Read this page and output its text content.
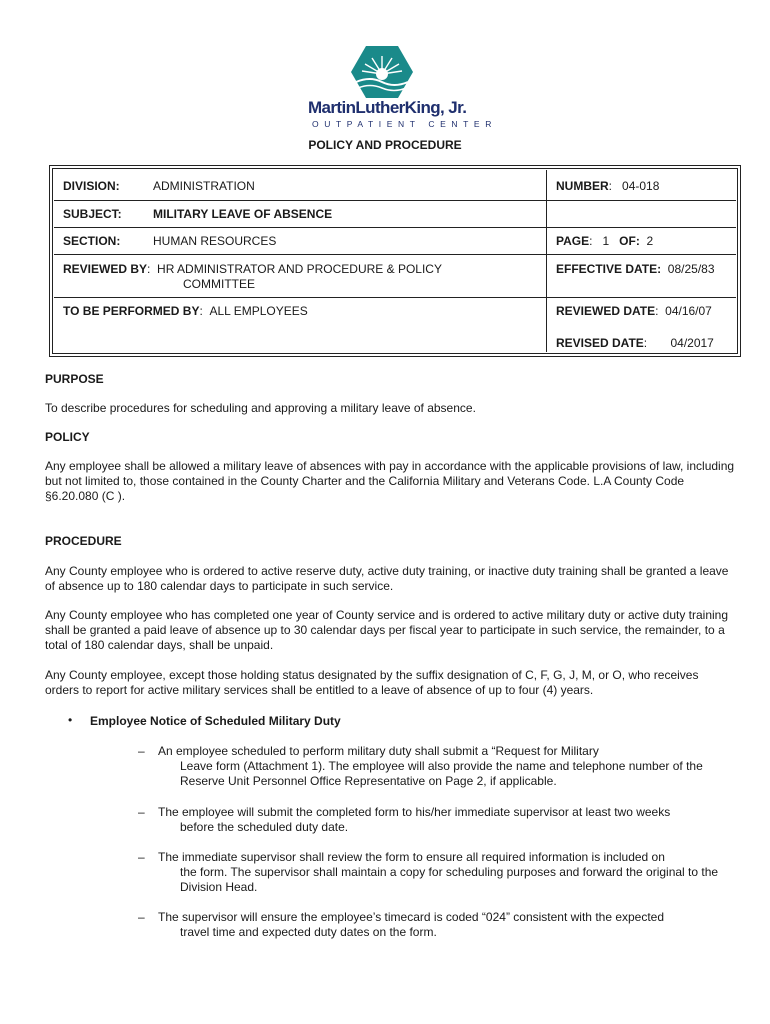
MartinLutherKing, Jr.
OUTPATIENT CENTER
POLICY AND PROCEDURE
DIVISION:	ADMINISTRATION	NUMBER:   04-018
SUBJECT:	MILITARY LEAVE OF ABSENCE
SECTION:	HUMAN RESOURCES	PAGE:   1 OF: 2
REVIEWED BY:  HR ADMINISTRATOR AND PROCEDURE & POLICY
COMMITTEE
EFFECTIVE DATE: 08/25/83
TO BE PERFORMED BY:  ALL EMPLOYEES	REVIEWED DATE:  04/16/07
REVISED DATE:       04/2017
PURPOSE
To describe procedures for scheduling and approving a military leave of absence.
POLICY
Any employee shall be allowed a military leave of absences with pay in accordance with the applicable provisions of law, including but not limited to, those contained in the County Charter and the California Military and Veterans Code. L.A County Code §6.20.080 (C ).
PROCEDURE
Any County employee who is ordered to active reserve duty, active duty training, or inactive duty training shall be granted a leave of absence up to 180 calendar days to participate in such service.
Any County employee who has completed one year of County service and is ordered to active military duty or active duty training shall be granted a paid leave of absence up to 30 calendar days per fiscal year to participate in such service, the remainder, to a total of 180 calendar days, shall be unpaid.
Any County employee, except those holding status designated by the suffix designation of C, F, G, J, M, or O, who receives orders to report for active military services shall be entitled to a leave of absence of up to four (4) years.
• Employee Notice of Scheduled Military Duty
– An employee scheduled to perform military duty shall submit a “Request for Military
Leave form (Attachment 1). The employee will also provide the name and telephone number of the Reserve Unit Personnel Office Representative on Page 2, if applicable.
– The employee will submit the completed form to his/her immediate supervisor at least two weeks
before the scheduled duty date.
– The immediate supervisor shall review the form to ensure all required information is included on
the form. The supervisor shall maintain a copy for scheduling purposes and forward the original to the Division Head.
– The supervisor will ensure the employee’s timecard is coded “024” consistent with the expected
travel time and expected duty dates on the form.
